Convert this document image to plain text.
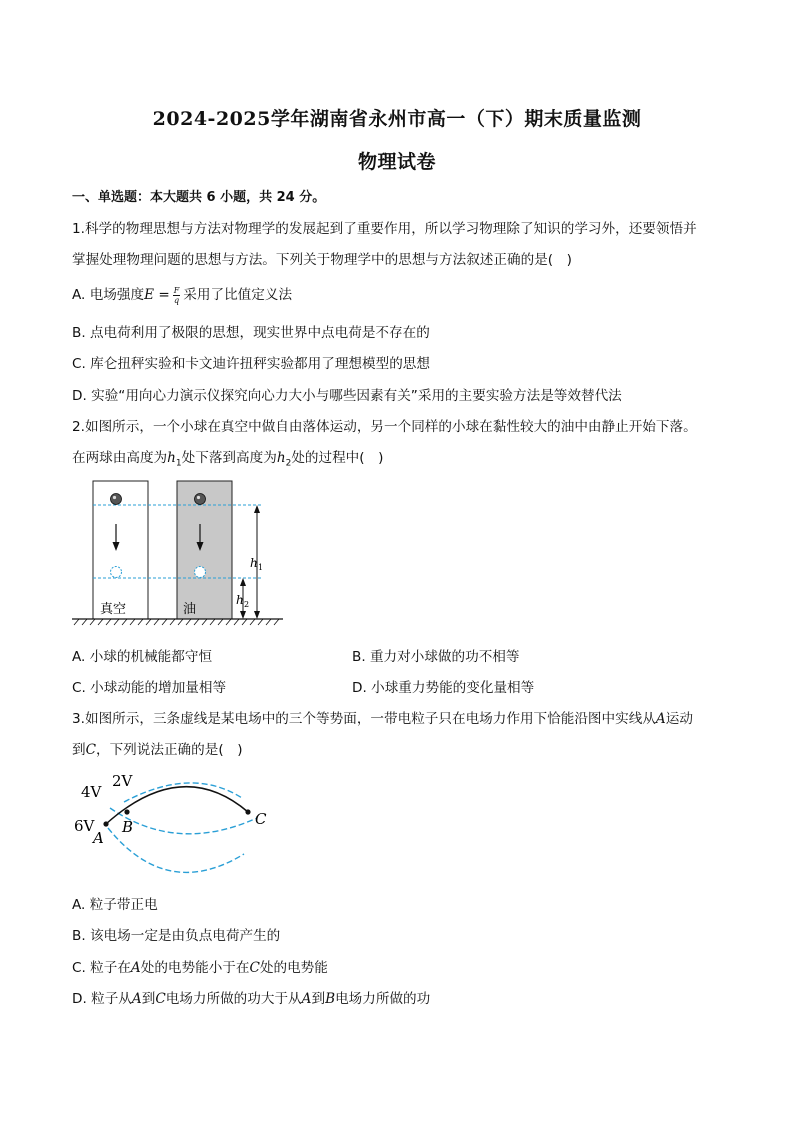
2024-2025学年湖南省永州市高一（下）期末质量监测
物理试卷
一、单选题：本大题共 6 小题，共 24 分。
1.科学的物理思想与方法对物理学的发展起到了重要作用，所以学习物理除了知识的学习外，还要领悟并
掌握处理物理问题的思想与方法。下列关于物理学中的思想与方法叙述正确的是(　)
A. 电场强度$E = \frac{F}{q}$ 采用了比值定义法
B. 点电荷利用了极限的思想，现实世界中点电荷是不存在的
C. 库仑扭秤实验和卡文迪许扭秤实验都用了理想模型的思想
D. 实验“用向心力演示仪探究向心力大小与哪些因素有关”采用的主要实验方法是等效替代法
2.如图所示，一个小球在真空中做自由落体运动，另一个同样的小球在黏性较大的油中由静止开始下落。
在两球由高度为$h_1$处下落到高度为$h_2$处的过程中(　)
h 1
h 2
真空	油
A. 小球的机械能都守恒	B. 重力对小球做的功不相等
C. 小球动能的增加量相等	D. 小球重力势能的变化量相等
3.如图所示，三条虚线是某电场中的三个等势面，一带电粒子只在电场力作用下恰能沿图中实线从A运动
到C，下列说法正确的是(　)
2V
4V
6V
A
B	C
A. 粒子带正电
B. 该电场一定是由负点电荷产生的
C. 粒子在A处的电势能小于在C处的电势能
D. 粒子从A到C电场力所做的功大于从A到B电场力所做的功
